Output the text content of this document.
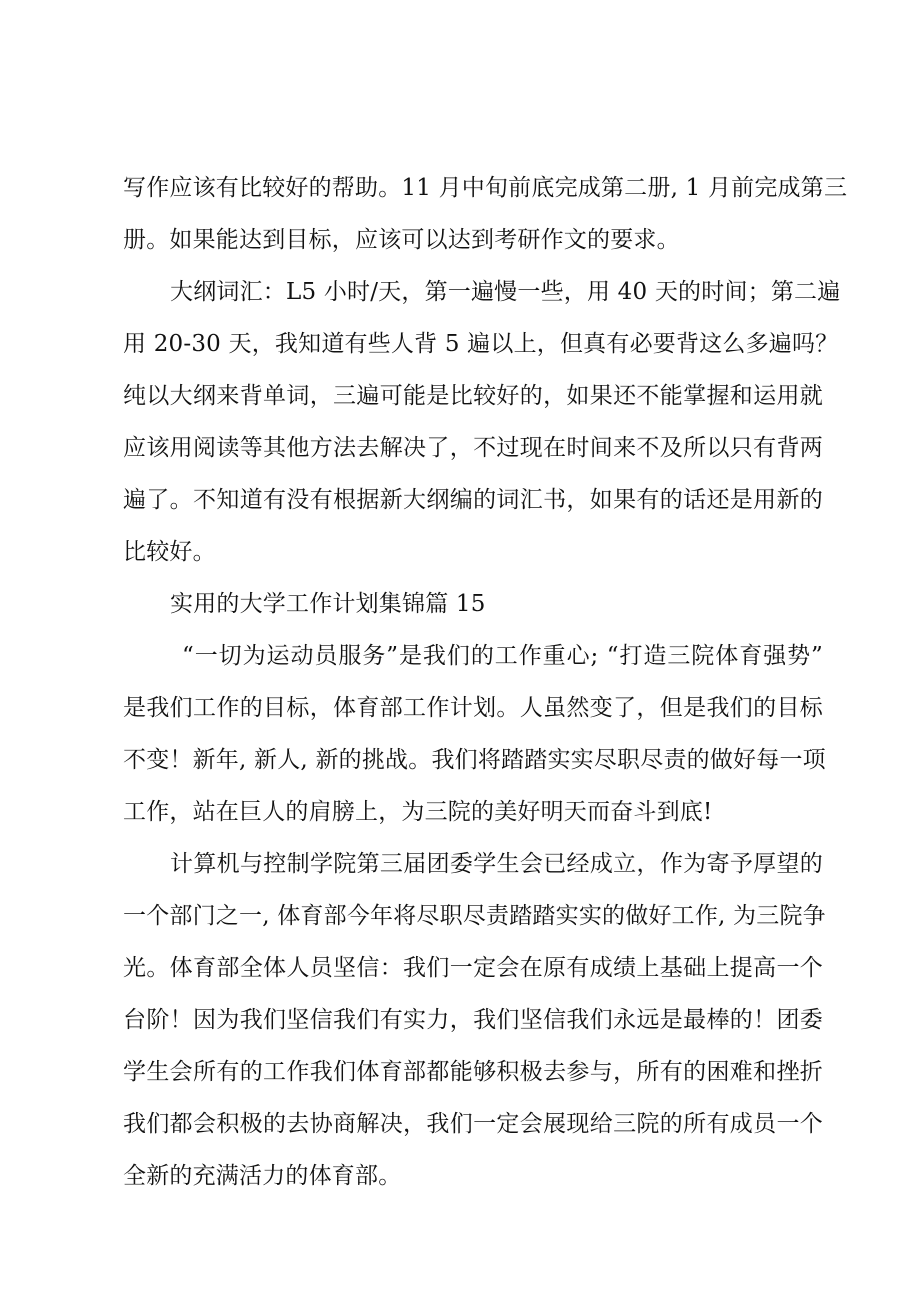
写作应该有比较好的帮助。11 月中旬前底完成第二册, 1 月前完成第三
册。如果能达到目标，应该可以达到考研作文的要求。
大纲词汇：L5 小时/天，第一遍慢一些，用 40 天的时间；第二遍
用 20-30 天，我知道有些人背 5 遍以上，但真有必要背这么多遍吗？
纯以大纲来背单词，三遍可能是比较好的，如果还不能掌握和运用就
应该用阅读等其他方法去解决了，不过现在时间来不及所以只有背两
遍了。不知道有没有根据新大纲编的词汇书，如果有的话还是用新的
比较好。
实用的大学工作计划集锦篇 15
“一切为运动员服务”是我们的工作重心; “打造三院体育强势”
是我们工作的目标，体育部工作计划。人虽然变了，但是我们的目标
不变！新年, 新人, 新的挑战。我们将踏踏实实尽职尽责的做好每一项
工作，站在巨人的肩膀上，为三院的美好明天而奋斗到底!
计算机与控制学院第三届团委学生会已经成立，作为寄予厚望的
一个部门之一, 体育部今年将尽职尽责踏踏实实的做好工作, 为三院争
光。体育部全体人员坚信：我们一定会在原有成绩上基础上提高一个
台阶！因为我们坚信我们有实力，我们坚信我们永远是最棒的！团委
学生会所有的工作我们体育部都能够积极去参与，所有的困难和挫折
我们都会积极的去协商解决，我们一定会展现给三院的所有成员一个
全新的充满活力的体育部。
